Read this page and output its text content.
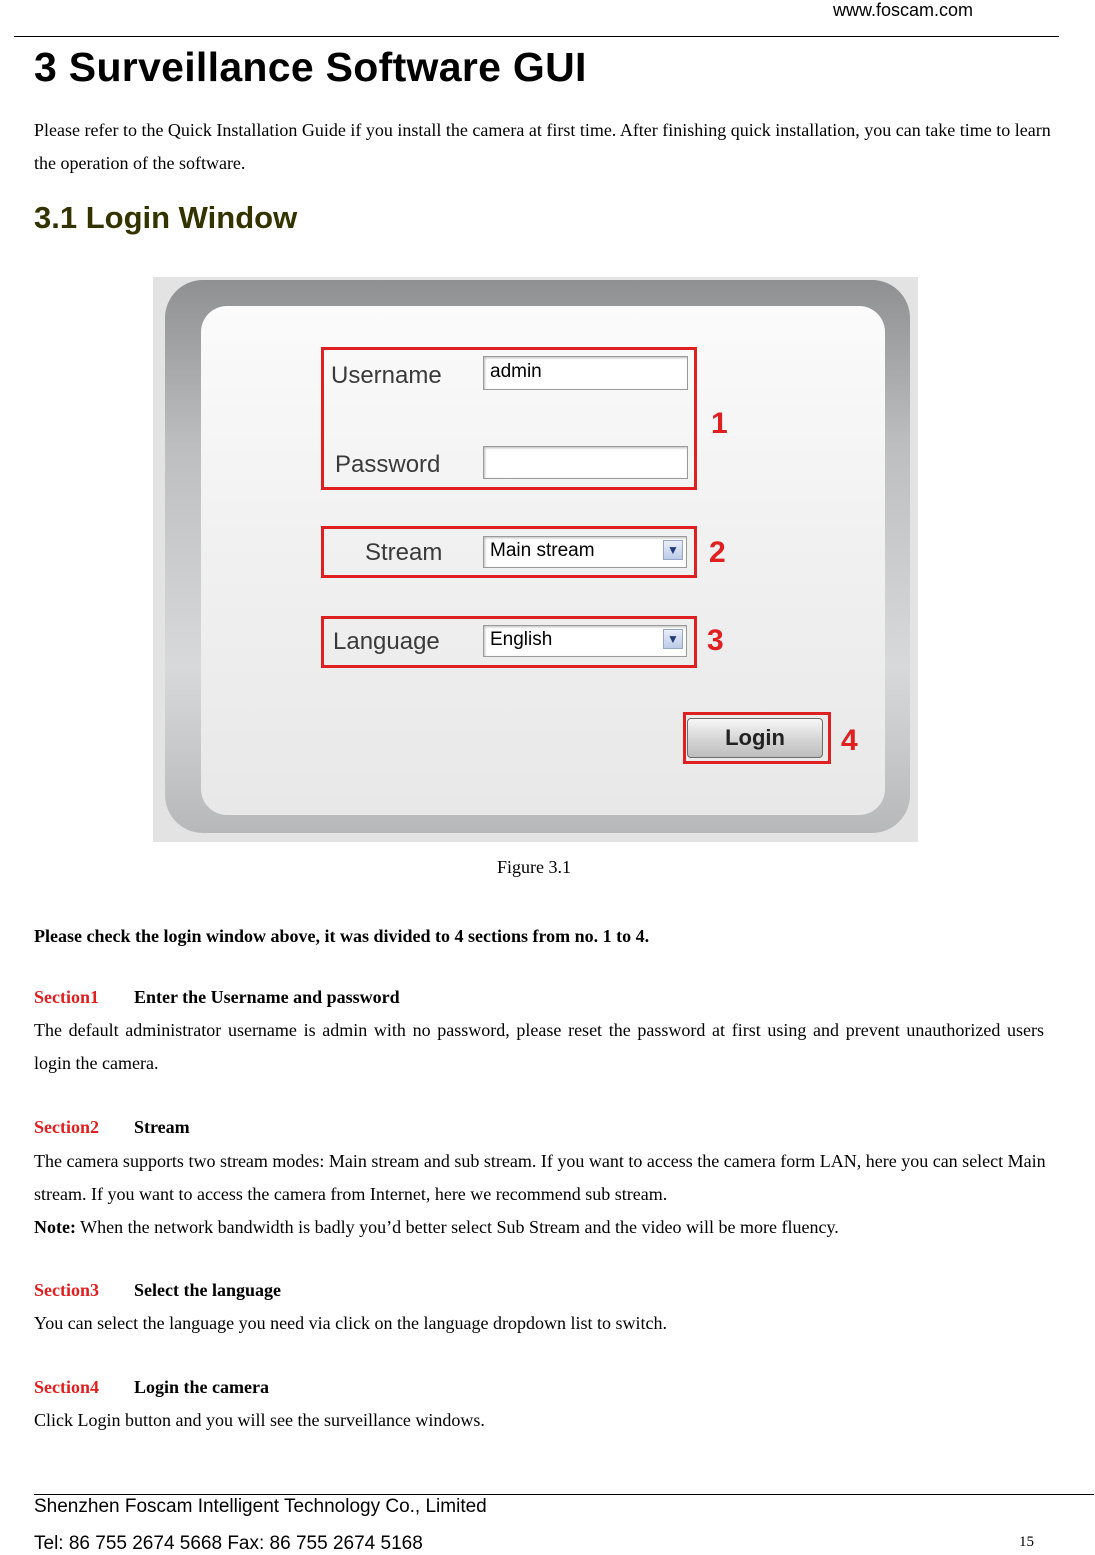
www.foscam.com
3 Surveillance Software GUI
Please refer to the Quick Installation Guide if you install the camera at first time. After finishing quick installation, you can take time to learn the operation of the software.
3.1 Login Window
Username	admin
Password
1
Stream	Main stream	▼ 2
Language	English	▼ 3
Login	4
Figure 3.1
Please check the login window above, it was divided to 4 sections from no. 1 to 4.
Section1 Enter the Username and password
The default administrator username is admin with no password, please reset the password at first using and prevent unauthorized users login the camera.
Section2 Stream
The camera supports two stream modes: Main stream and sub stream. If you want to access the camera form LAN, here you can select Main stream. If you want to access the camera from Internet, here we recommend sub stream.
Note: When the network bandwidth is badly you’d better select Sub Stream and the video will be more fluency.
Section3 Select the language
You can select the language you need via click on the language dropdown list to switch.
Section4 Login the camera
Click Login button and you will see the surveillance windows.
Shenzhen Foscam Intelligent Technology Co., Limited
Tel: 86 755 2674 5668 Fax: 86 755 2674 5168	15
